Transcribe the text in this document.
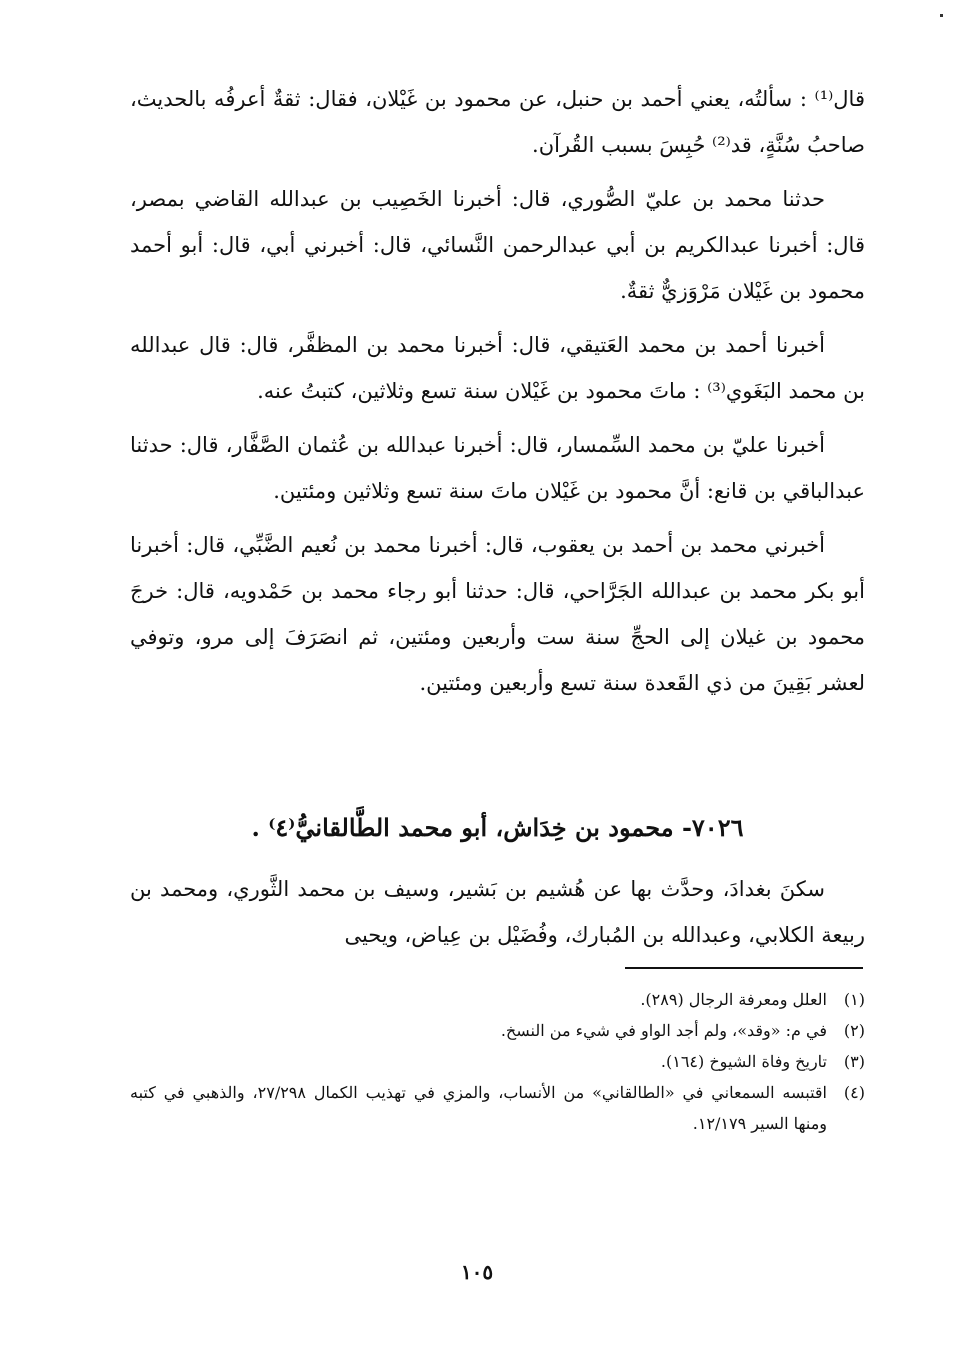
قال⁽¹⁾ : سألتُه، يعني أحمد بن حنبل، عن محمود بن غَيْلان، فقال: ثقةٌ أعرفُه بالحديث، صاحبُ سُنَّةٍ، قد⁽²⁾ حُبِسَ بسبب القُرآن.

حدثنا محمد بن عليّ الصُّوري، قال: أخبرنا الخَصِيب بن عبدالله القاضي بمصر، قال: أخبرنا عبدالكريم بن أبي عبدالرحمن النَّسائي، قال: أخبرني أبي، قال: أبو أحمد محمود بن غَيْلان مَرْوَزيٌّ ثقةٌ.

أخبرنا أحمد بن محمد العَتيقي، قال: أخبرنا محمد بن المظفَّر، قال: قال عبدالله بن محمد البَغَوي⁽³⁾ : ماتَ محمود بن غَيْلان سنة تسع وثلاثين، كتبتُ عنه.

أخبرنا عليّ بن محمد السِّمسار، قال: أخبرنا عبدالله بن عُثمان الصَّفَّار، قال: حدثنا عبدالباقي بن قانع: أنَّ محمود بن غَيْلان ماتَ سنة تسع وثلاثين ومئتين.

أخبرني محمد بن أحمد بن يعقوب، قال: أخبرنا محمد بن نُعيم الضَّبِّي، قال: أخبرنا أبو بكر محمد بن عبدالله الجَرَّاحي، قال: حدثنا أبو رجاء محمد بن حَمْدويه، قال: خرجَ محمود بن غيلان إلى الحجِّ سنة ست وأربعين ومئتين، ثم انصَرَفَ إلى مرو، وتوفي لعشر بَقِينَ من ذي القَعدة سنة تسع وأربعين ومئتين.

٧٠٢٦- محمود بن خِدَاش، أبو محمد الطَّالقانيُّ⁽٤⁾ .

سكنَ بغدادَ، وحدَّث بها عن هُشيم بن بَشير، وسيف بن محمد الثَّوري، ومحمد بن ربيعة الكلابي، وعبدالله بن المُبارك، وفُضَيْل بن عِياض، ويحيى

(١)
العلل ومعرفة الرجال (٢٨٩).
(٢)
في م: «وقد»، ولم أجد الواو في شيء من النسخ.
(٣)
تاريخ وفاة الشيوخ (١٦٤).
(٤)
اقتبسه السمعاني في «الطالقاني» من الأنساب، والمزي في تهذيب الكمال ٢٧/٢٩٨، والذهبي في كتبه ومنها السير ١٢/١٧٩.
١٠٥
